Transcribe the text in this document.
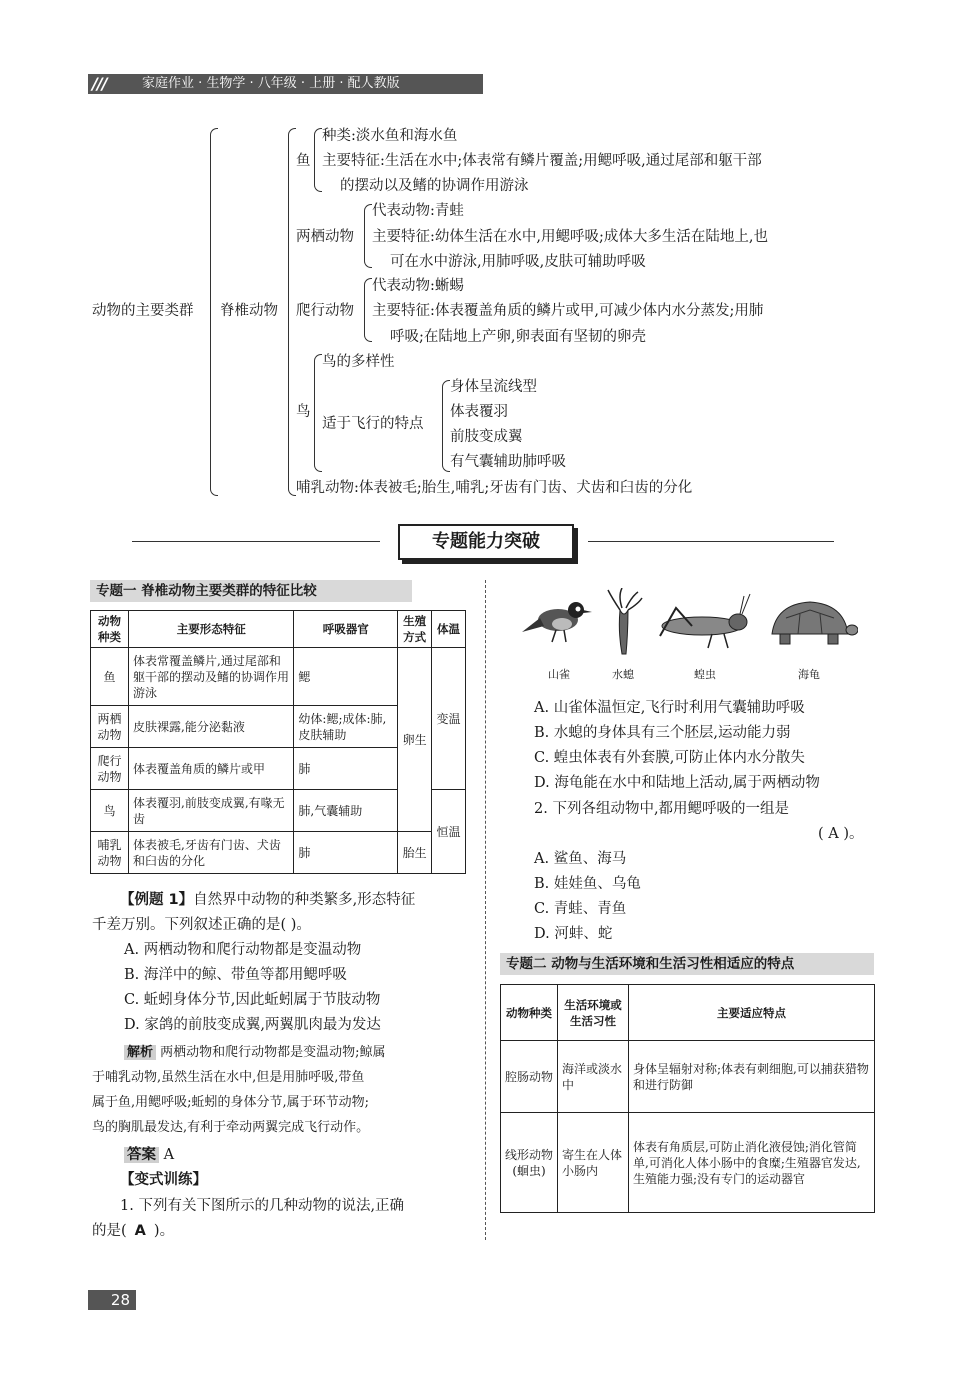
///	家庭作业 · 生物学 · 八年级 · 上册 · 配人教版
动物的主要类群 脊椎动物
鱼
种类:淡水鱼和海水鱼
主要特征:生活在水中;体表常有鳞片覆盖;用鳃呼吸,通过尾部和躯干部
的摆动以及鳍的协调作用游泳
两栖动物
代表动物:青蛙
主要特征:幼体生活在水中,用鳃呼吸;成体大多生活在陆地上,也
可在水中游泳,用肺呼吸,皮肤可辅助呼吸
爬行动物
代表动物:蜥蜴
主要特征:体表覆盖角质的鳞片或甲,可减少体内水分蒸发;用肺
呼吸;在陆地上产卵,卵表面有坚韧的卵壳
鸟
鸟的多样性
适于飞行的特点
身体呈流线型
体表覆羽
前肢变成翼
有气囊辅助肺呼吸
哺乳动物:体表被毛;胎生,哺乳;牙齿有门齿、犬齿和臼齿的分化
专题能力突破
专题一 脊椎动物主要类群的特征比较
动物种类	主要形态特征	呼吸器官	生殖方式	体温
鱼	体表常覆盖鳞片,通过尾部和躯干部的摆动及鳍的协调作用游泳	鳃	卵生	变温
两栖动物	皮肤裸露,能分泌黏液	幼体:鳃;成体:肺,皮肤辅助		
爬行动物	体表覆盖角质的鳞片或甲	肺		
鸟	体表覆羽,前肢变成翼,有喙无齿	肺,气囊辅助		恒温
哺乳动物	体表被毛,牙齿有门齿、犬齿和臼齿的分化	肺	胎生	
【例题 1】自然界中动物的种类繁多,形态特征
千差万别。下列叙述正确的是( )。
A. 两栖动物和爬行动物都是变温动物
B. 海洋中的鲸、带鱼等都用鳃呼吸
C. 蚯蚓身体分节,因此蚯蚓属于节肢动物
D. 家鸽的前肢变成翼,两翼肌肉最为发达
解析 两栖动物和爬行动物都是变温动物;鲸属
于哺乳动物,虽然生活在水中,但是用肺呼吸,带鱼
属于鱼,用鳃呼吸;蚯蚓的身体分节,属于环节动物;
鸟的胸肌最发达,有利于牵动两翼完成飞行动作。
答案 A
【变式训练】
1. 下列有关下图所示的几种动物的说法,正确
的是( A )。
山雀	水螅	蝗虫	海龟
A. 山雀体温恒定,飞行时利用气囊辅助呼吸
B. 水螅的身体具有三个胚层,运动能力弱
C. 蝗虫体表有外套膜,可防止体内水分散失
D. 海龟能在水中和陆地上活动,属于两栖动物
2. 下列各组动物中,都用鳃呼吸的一组是
( A )。
A. 鲨鱼、海马
B. 娃娃鱼、乌龟
C. 青蛙、青鱼
D. 河蚌、蛇
专题二 动物与生活环境和生活习性相适应的特点
动物种类	生活环境或生活习性	主要适应特点
腔肠动物	海洋或淡水中	身体呈辐射对称;体表有刺细胞,可以捕获猎物和进行防御
线形动物(蛔虫)	寄生在人体小肠内	体表有角质层,可防止消化液侵蚀;消化管简单,可消化人体小肠中的食糜;生殖器官发达,生殖能力强;没有专门的运动器官
28
